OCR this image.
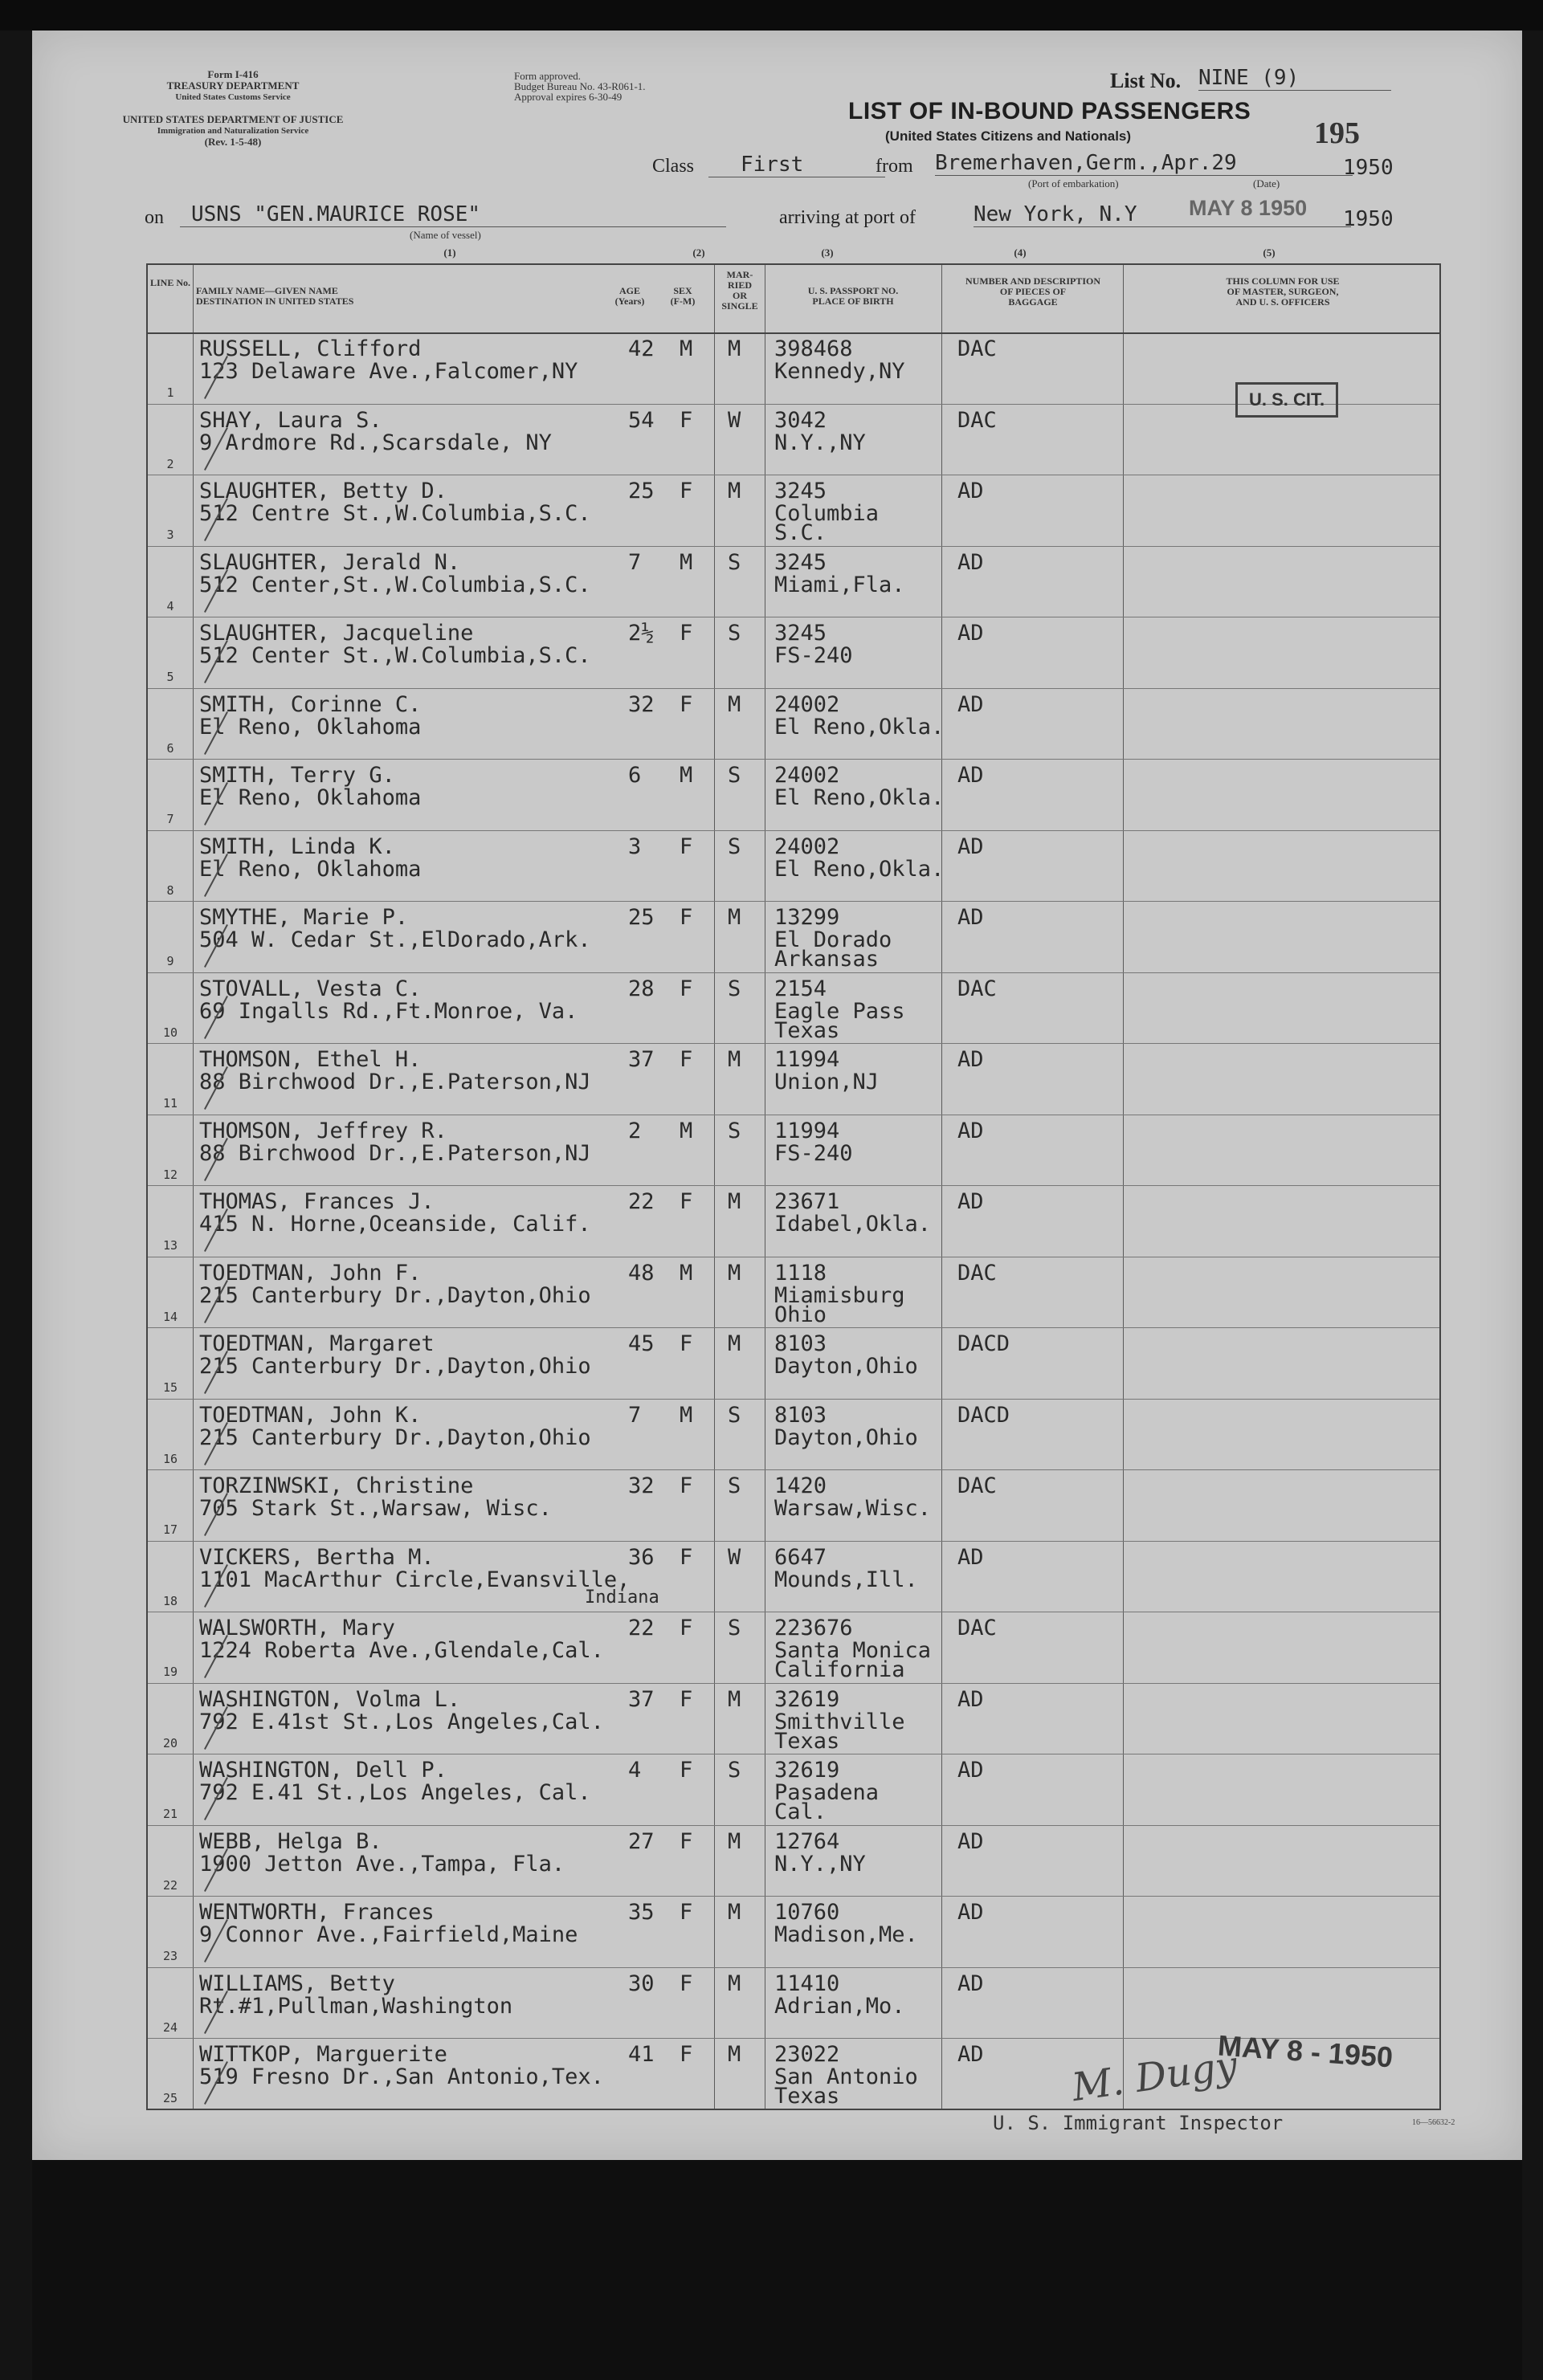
Form I-416
TREASURY DEPARTMENT
United States Customs Service
UNITED STATES DEPARTMENT OF JUSTICE
Immigration and Naturalization Service
(Rev. 1-5-48)
Form approved.
Budget Bureau No. 43-R061-1.
Approval expires 6-30-49
List No. NINE (9)
195
LIST OF IN-BOUND PASSENGERS
(United States Citizens and Nationals)
Class	First	from Bremerhaven,Germ.,Apr.29	1950
(Port of embarkation)	(Date)
on	USNS "GEN.MAURICE ROSE"
(Name of vessel)
arriving at port of	New York, N.Y	MAY 8 1950 1950
(1)	(2)	(3)	(4)	(5)
LINE No.
FAMILY NAME—GIVEN NAME
DESTINATION IN UNITED STATES
AGE
(Years)
SEX
(F-M)
MAR-
RIED
OR
SINGLE
U. S. PASSPORT NO.
PLACE OF BIRTH
NUMBER AND DESCRIPTION
OF PIECES OF
BAGGAGE
THIS COLUMN FOR USE
OF MASTER, SURGEON,
AND U. S. OFFICERS
1
RUSSELL, Clifford
123 Delaware Ave.,Falcomer,NY
42 M M 398468
Kennedy,NY
DAC
2
SHAY, Laura S.
9 Ardmore Rd.,Scarsdale, NY
54 F W 3042
N.Y.,NY
DAC
3
SLAUGHTER, Betty D.
512 Centre St.,W.Columbia,S.C.
25 F M 3245
Columbia
S.C.
AD
4
SLAUGHTER, Jerald N.
512 Center,St.,W.Columbia,S.C.
7 M S 3245
Miami,Fla.
AD
5
SLAUGHTER, Jacqueline
512 Center St.,W.Columbia,S.C.
2½ F S 3245
FS-240
AD
6
SMITH, Corinne C.
El Reno, Oklahoma
32 F M 24002
El Reno,Okla.
AD
7
SMITH, Terry G.
El Reno, Oklahoma
6 M S 24002
El Reno,Okla.
AD
8
SMITH, Linda K.
El Reno, Oklahoma
3 F S 24002
El Reno,Okla.
AD
9
SMYTHE, Marie P.
504 W. Cedar St.,ElDorado,Ark.
25 F M 13299
El Dorado
Arkansas
AD
10
STOVALL, Vesta C.
69 Ingalls Rd.,Ft.Monroe, Va.
28 F S 2154
Eagle Pass
Texas
DAC
11
THOMSON, Ethel H.
88 Birchwood Dr.,E.Paterson,NJ
37 F M 11994
Union,NJ
AD
12
THOMSON, Jeffrey R.
88 Birchwood Dr.,E.Paterson,NJ
2 M S 11994
FS-240
AD
13
THOMAS, Frances J.
415 N. Horne,Oceanside, Calif.
22 F M 23671
Idabel,Okla.
AD
14
TOEDTMAN, John F.
215 Canterbury Dr.,Dayton,Ohio
48 M M 1118
Miamisburg
Ohio
DAC
15
TOEDTMAN, Margaret
215 Canterbury Dr.,Dayton,Ohio
45 F M 8103
Dayton,Ohio
DACD
16
TOEDTMAN, John K.
215 Canterbury Dr.,Dayton,Ohio
7 M S 8103
Dayton,Ohio
DACD
17
TORZINWSKI, Christine
705 Stark St.,Warsaw, Wisc.
32 F S 1420
Warsaw,Wisc.
DAC
18
VICKERS, Bertha M.
1101 MacArthur Circle,Evansville,
Indiana
36 F W 6647
Mounds,Ill.
AD
19
WALSWORTH, Mary
1224 Roberta Ave.,Glendale,Cal.
22 F S 223676
Santa Monica
California
DAC
20
WASHINGTON, Volma L.
792 E.41st St.,Los Angeles,Cal.
37 F M 32619
Smithville
Texas
AD
21
WASHINGTON, Dell P.
792 E.41 St.,Los Angeles, Cal.
4 F S 32619
Pasadena
Cal.
AD
22
WEBB, Helga B.
1900 Jetton Ave.,Tampa, Fla.
27 F M 12764
N.Y.,NY
AD
23
WENTWORTH, Frances
9 Connor Ave.,Fairfield,Maine
35 F M 10760
Madison,Me.
AD
24
WILLIAMS, Betty
Rt.#1,Pullman,Washington
30 F M 11410
Adrian,Mo.
AD
25
WITTKOP, Marguerite
519 Fresno Dr.,San Antonio,Tex.
41 F M 23022
San Antonio
Texas
AD
U. S. CIT.
MAY 8 - 1950
M. Dugy
U. S. Immigrant Inspector	16—56632-2
